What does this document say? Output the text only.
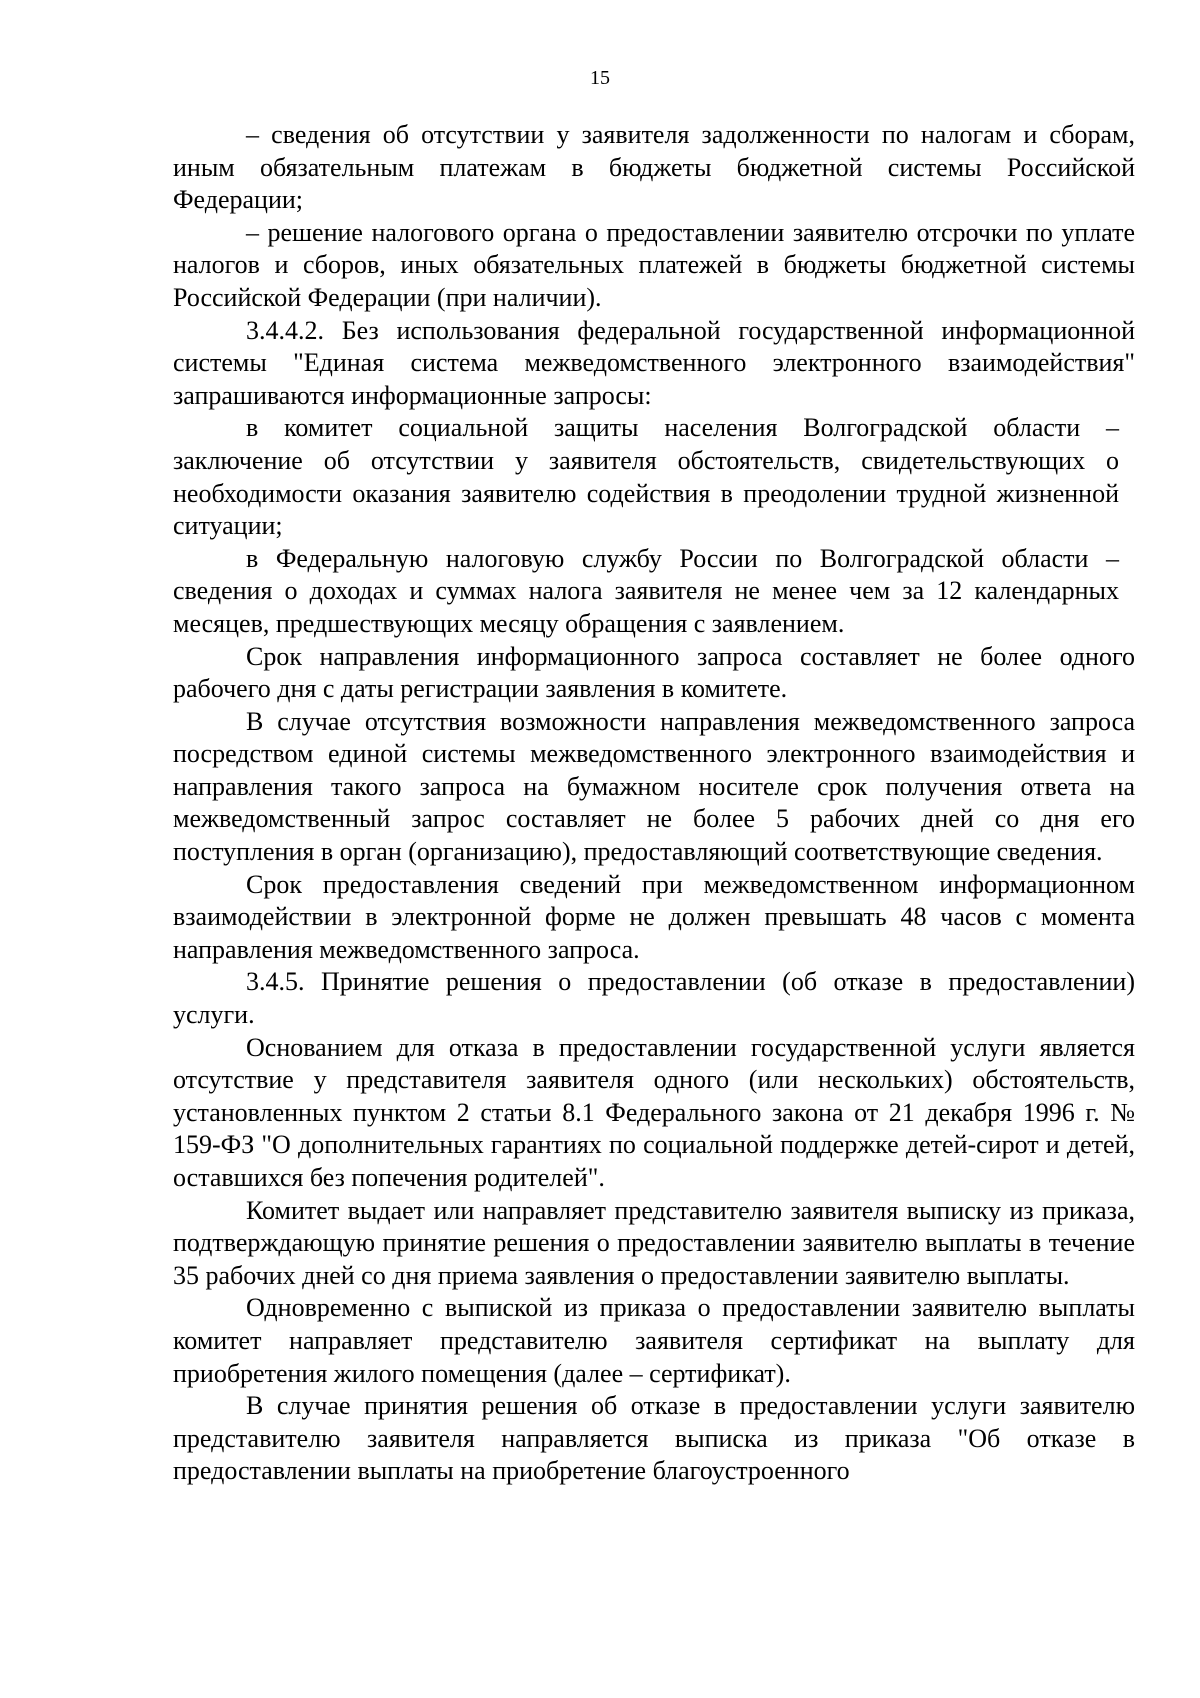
15

– сведения об отсутствии у заявителя задолженности по налогам и сборам, иным обязательным платежам в бюджеты бюджетной системы Российской Федерации;

– решение налогового органа о предоставлении заявителю отсрочки по уплате налогов и сборов, иных обязательных платежей в бюджеты бюджетной системы Российской Федерации (при наличии).

3.4.4.2. Без использования федеральной государственной информационной системы "Единая система межведомственного электронного взаимодействия" запрашиваются информационные запросы:

в комитет социальной защиты населения Волгоградской области – заключение об отсутствии у заявителя обстоятельств, свидетельствующих о необходимости оказания заявителю содействия в преодолении трудной жизненной ситуации;

в Федеральную налоговую службу России по Волгоградской области – сведения о доходах и суммах налога заявителя не менее чем за 12 календарных месяцев, предшествующих месяцу обращения с заявлением.

Срок направления информационного запроса составляет не более одного рабочего дня с даты регистрации заявления в комитете.

В случае отсутствия возможности направления межведомственного запроса посредством единой системы межведомственного электронного взаимодействия и направления такого запроса на бумажном носителе срок получения ответа на межведомственный запрос составляет не более 5 рабочих дней со дня его поступления в орган (организацию), предоставляющий соответствующие сведения.

Срок предоставления сведений при межведомственном информационном взаимодействии в электронной форме не должен превышать 48 часов с момента направления межведомственного запроса.

3.4.5. Принятие решения о предоставлении (об отказе в предоставлении) услуги.

Основанием для отказа в предоставлении государственной услуги является отсутствие у представителя заявителя одного (или нескольких) обстоятельств, установленных пунктом 2 статьи 8.1 Федерального закона от 21 декабря 1996 г. № 159-ФЗ "О дополнительных гарантиях по социальной поддержке детей-сирот и детей, оставшихся без попечения родителей".

Комитет выдает или направляет представителю заявителя выписку из приказа, подтверждающую принятие решения о предоставлении заявителю выплаты в течение 35 рабочих дней со дня приема заявления о предоставлении заявителю выплаты.

Одновременно с выпиской из приказа о предоставлении заявителю выплаты комитет направляет представителю заявителя сертификат на выплату для приобретения жилого помещения (далее – сертификат).

В случае принятия решения об отказе в предоставлении услуги заявителю представителю заявителя направляется выписка из приказа "Об отказе в предоставлении выплаты на приобретение благоустроенного
